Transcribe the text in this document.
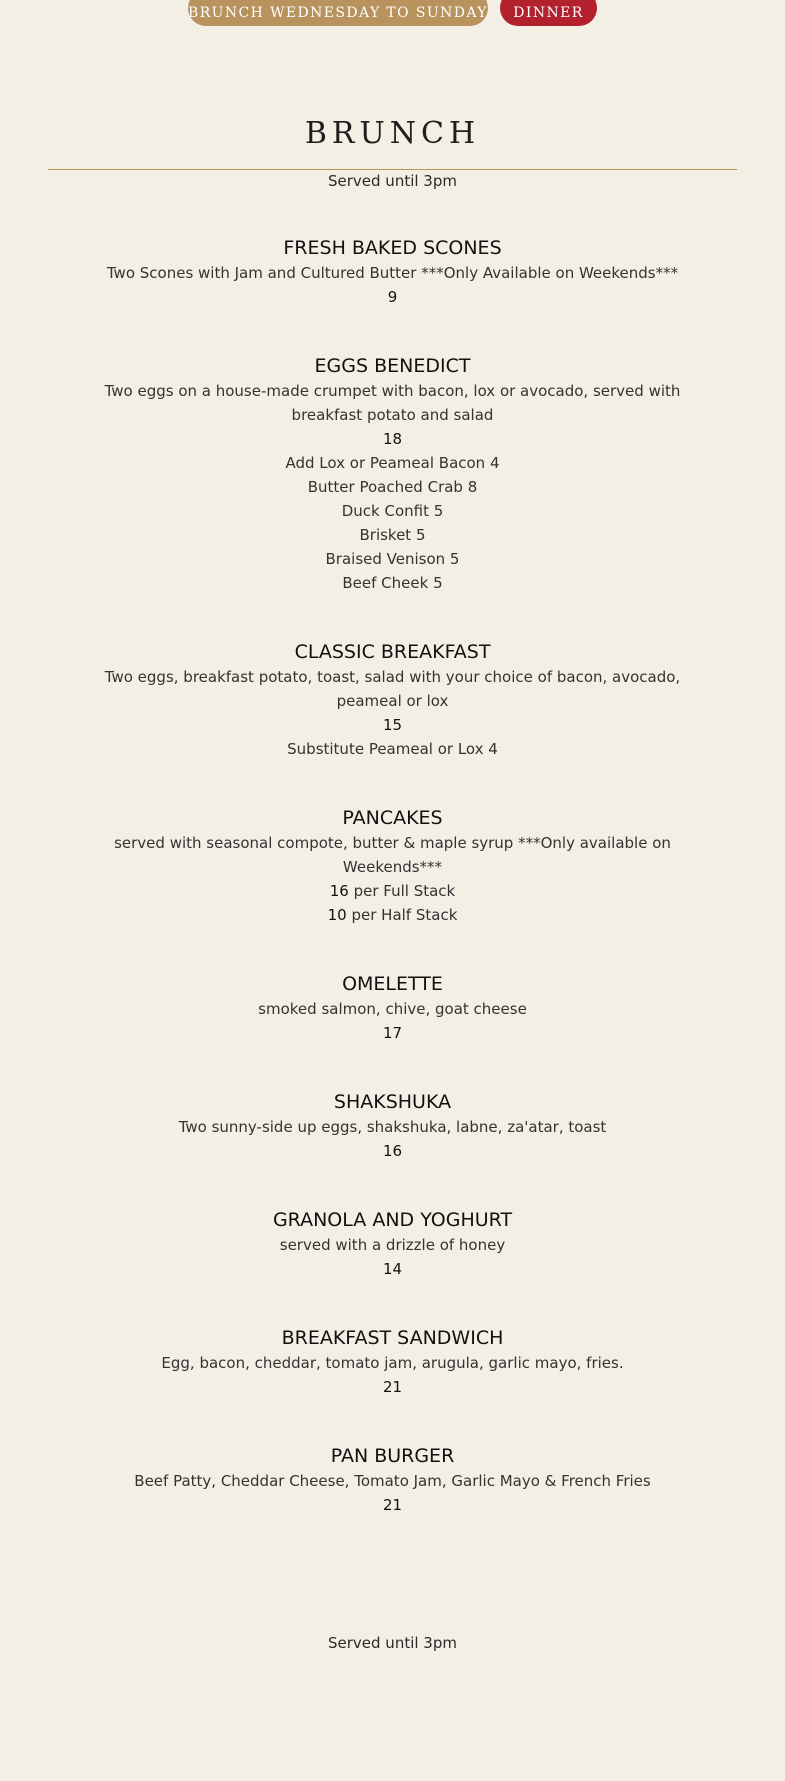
BRUNCH WEDNESDAY TO SUNDAY	DINNER
BRUNCH
Served until 3pm
FRESH BAKED SCONES

Two Scones with Jam and Cultured Butter ***Only Available on Weekends***

9
EGGS BENEDICT

Two eggs on a house-made crumpet with bacon, lox or avocado, served with breakfast potato and salad

18
Add Lox or Peameal Bacon 4
Butter Poached Crab 8
Duck Confit 5
Brisket 5
Braised Venison 5
Beef Cheek 5
CLASSIC BREAKFAST

Two eggs, breakfast potato, toast, salad with your choice of bacon, avocado, peameal or lox

15
Substitute Peameal or Lox 4
PANCAKES

served with seasonal compote, butter & maple syrup ***Only available on Weekends***

16 per Full Stack
10 per Half Stack
OMELETTE

smoked salmon, chive, goat cheese

17
SHAKSHUKA

Two sunny-side up eggs, shakshuka, labne, za'atar, toast

16
GRANOLA AND YOGHURT

served with a drizzle of honey

14
BREAKFAST SANDWICH

Egg, bacon, cheddar, tomato jam, arugula, garlic mayo, fries.

21
PAN BURGER

Beef Patty, Cheddar Cheese, Tomato Jam, Garlic Mayo & French Fries

21
Served until 3pm
